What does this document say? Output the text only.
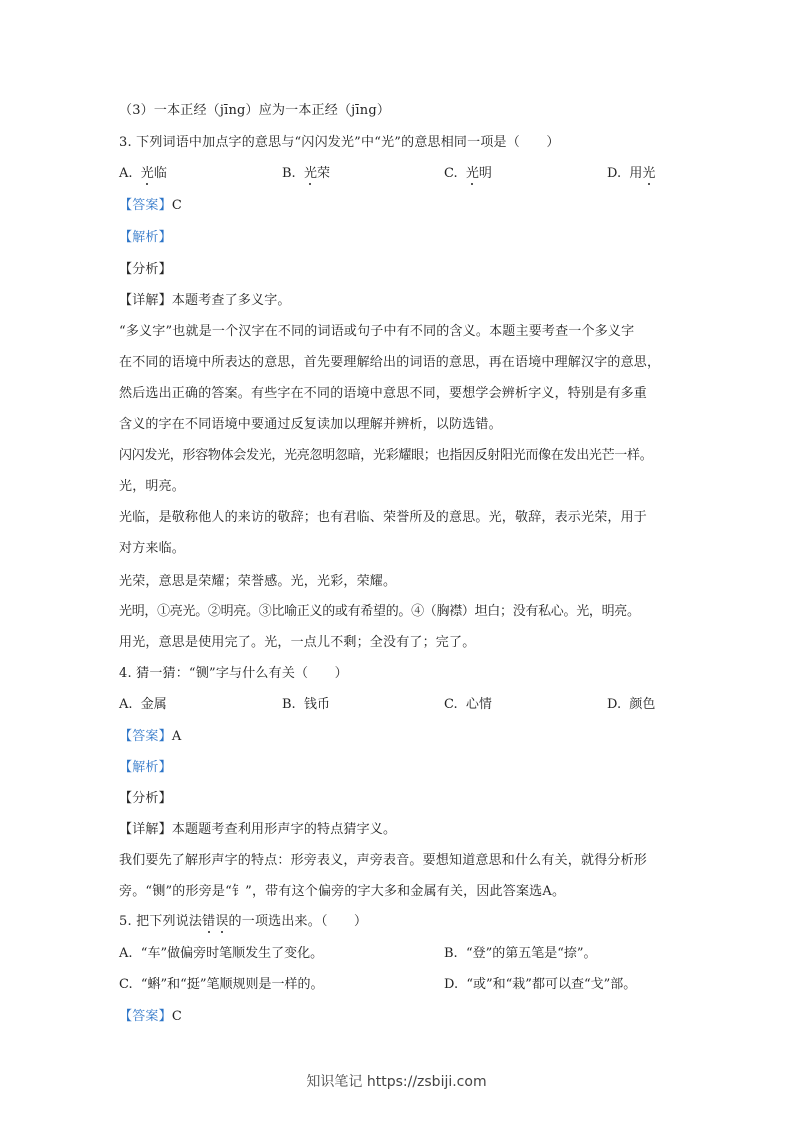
（3）一本正经（jīng）应为一本正经（jīng）
3. 下列词语中加点字的意思与“闪闪发光”中“光”的意思相同一项是（　　）
A. 光临	B. 光荣	C. 光明	D. 用光
【答案】C
【解析】
【分析】
【详解】本题考查了多义字。
“多义字”也就是一个汉字在不同的词语或句子中有不同的含义。本题主要考查一个多义字
在不同的语境中所表达的意思，首先要理解给出的词语的意思，再在语境中理解汉字的意思，
然后选出正确的答案。有些字在不同的语境中意思不同，要想学会辨析字义，特别是有多重
含义的字在不同语境中要通过反复读加以理解并辨析，以防选错。
闪闪发光，形容物体会发光，光亮忽明忽暗，光彩耀眼；也指因反射阳光而像在发出光芒一样。
光，明亮。
光临，是敬称他人的来访的敬辞；也有君临、荣誉所及的意思。光，敬辞，表示光荣，用于
对方来临。
光荣，意思是荣耀；荣誉感。光，光彩，荣耀。
光明，①亮光。②明亮。③比喻正义的或有希望的。④（胸襟）坦白；没有私心。光，明亮。
用光，意思是使用完了。光，一点儿不剩；全没有了；完了。
4. 猜一猜：“铡”字与什么有关（　　）
A. 金属	B. 钱币	C. 心情	D. 颜色
【答案】A
【解析】
【分析】
【详解】本题题考查利用形声字的特点猜字义。
我们要先了解形声字的特点：形旁表义，声旁表音。要想知道意思和什么有关，就得分析形
旁。“铡”的形旁是“钅”，带有这个偏旁的字大多和金属有关，因此答案选A。
5. 把下列说法错误的一项选出来。（　　）
A. “车”做偏旁时笔顺发生了变化。	B. “登”的第五笔是“捺”。
C. “蝌”和“挺”笔顺规则是一样的。	D. “或”和“栽”都可以查“戈”部。
【答案】C
知识笔记 https://zsbiji.com
